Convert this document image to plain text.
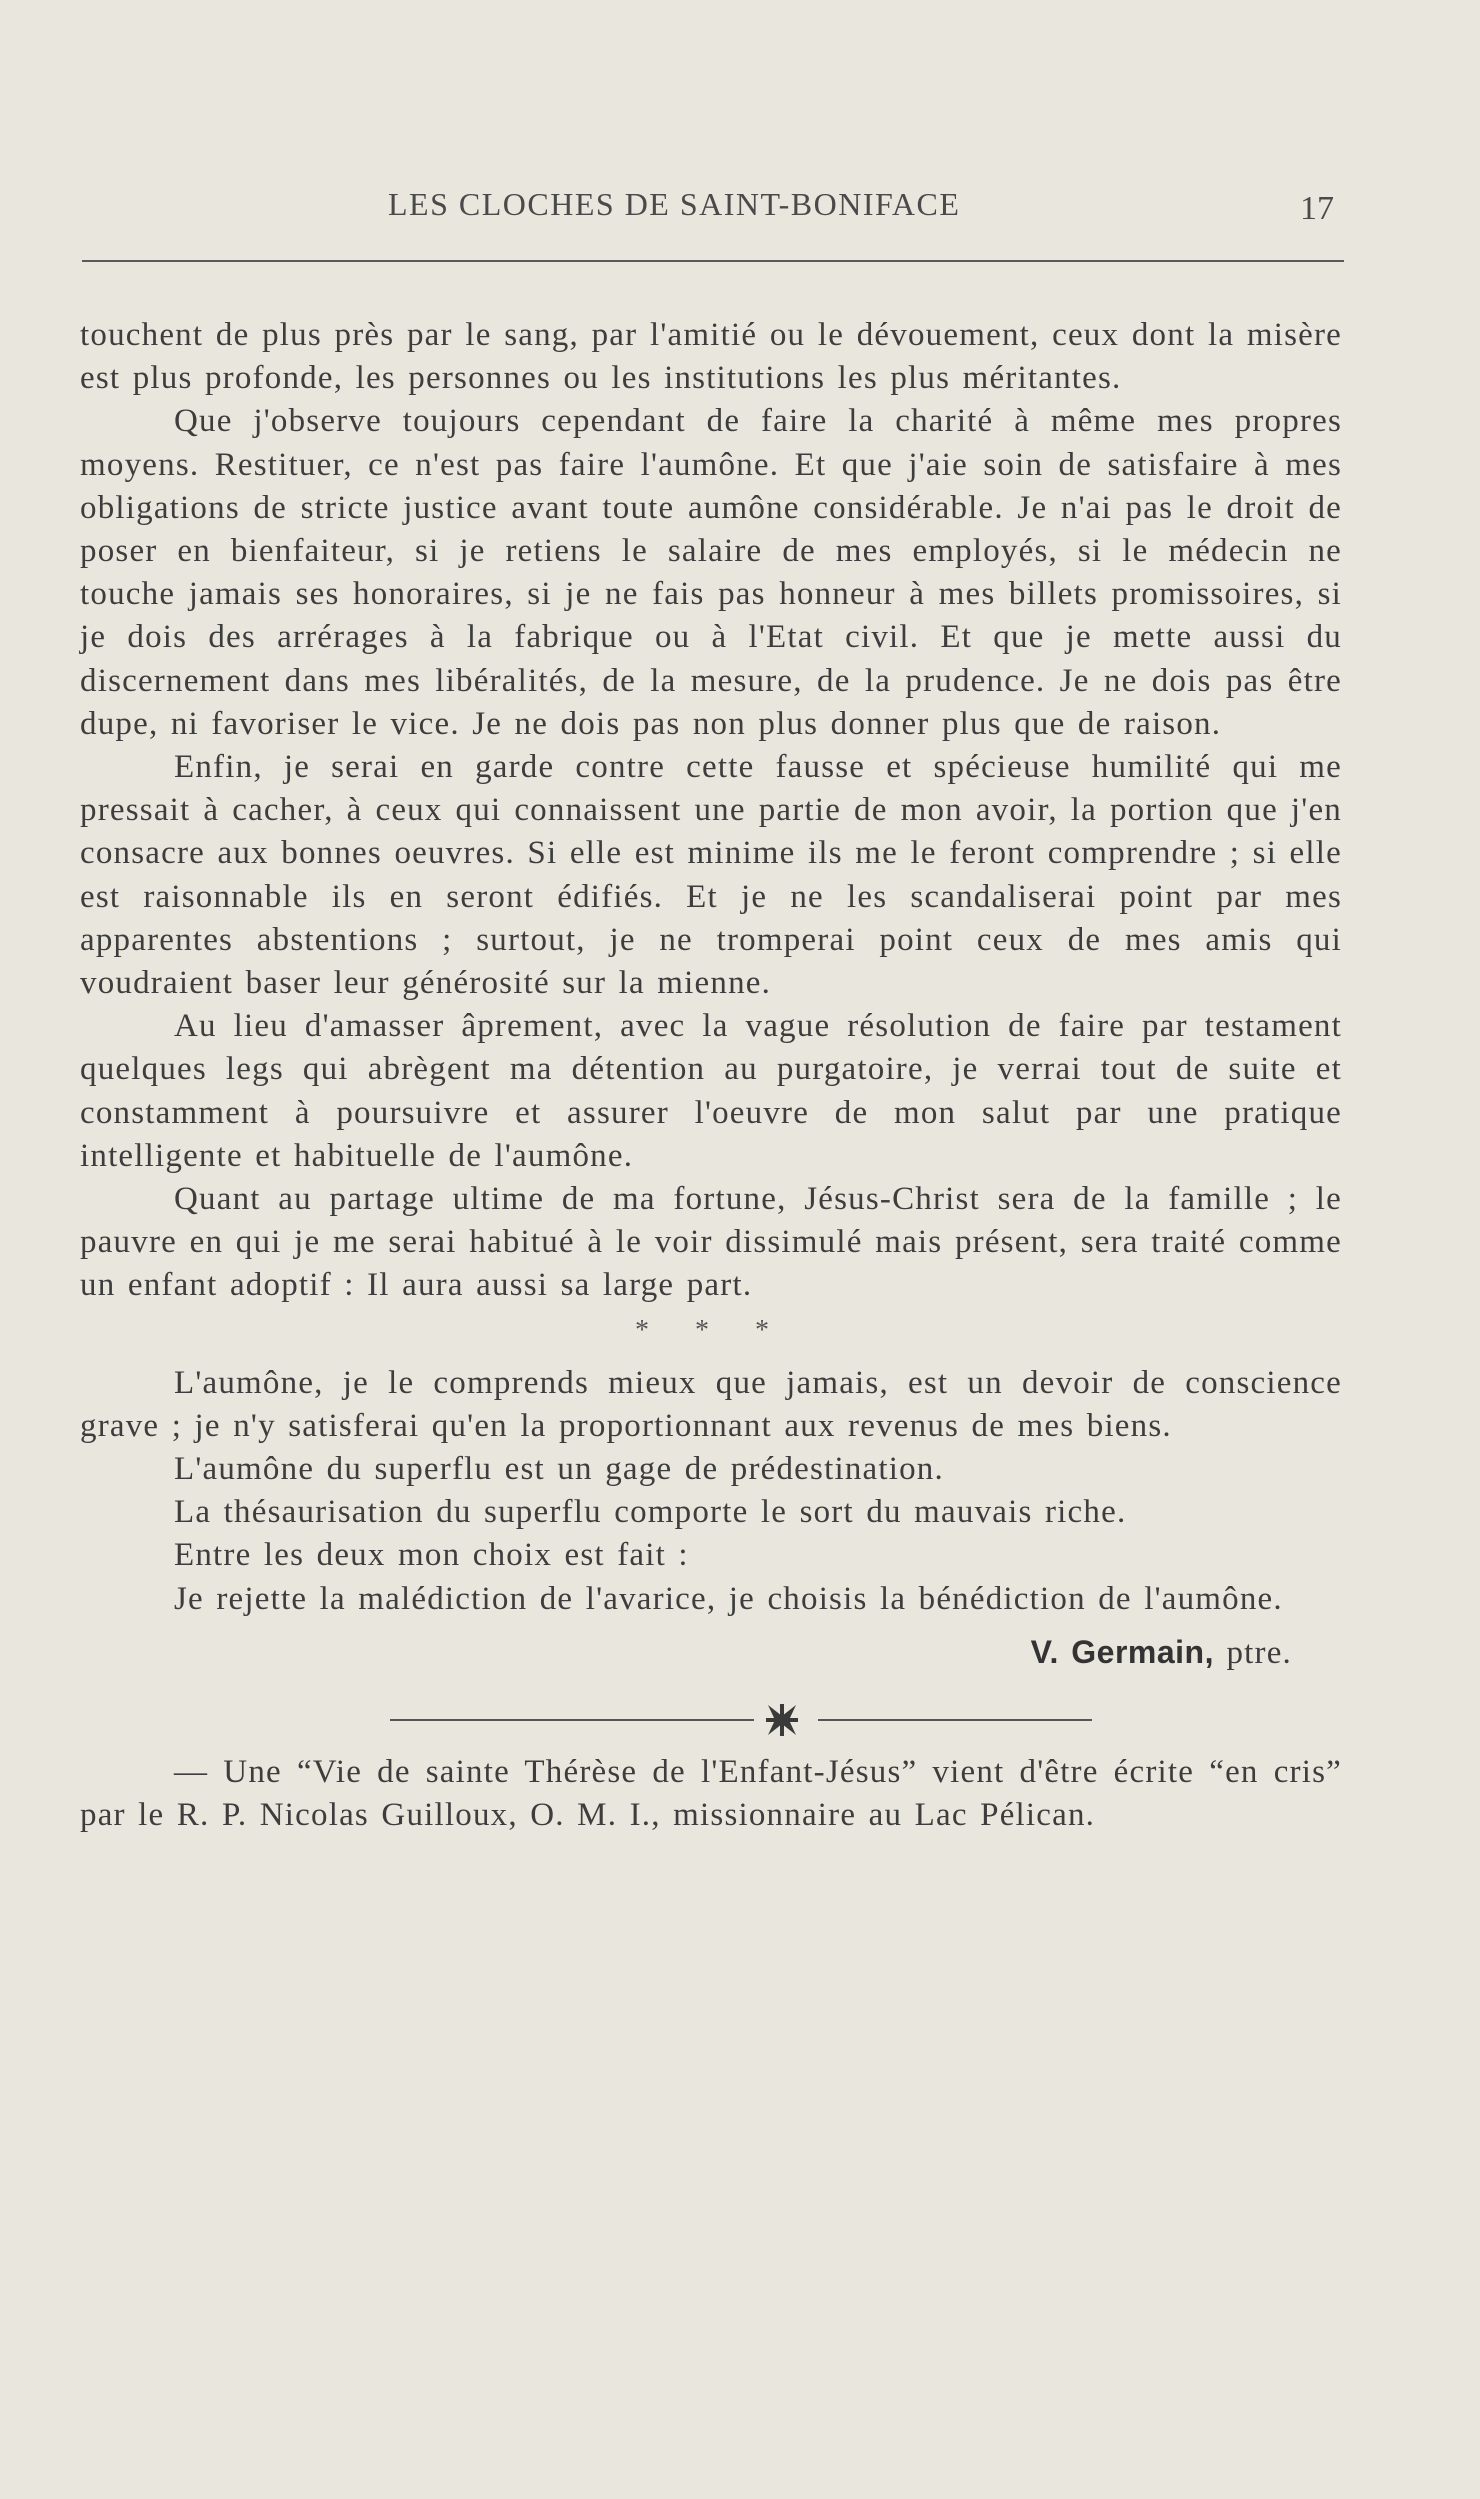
LES CLOCHES DE SAINT-BONIFACE	17

touchent de plus près par le sang, par l'amitié ou le dévouement, ceux dont la misère est plus profonde, les personnes ou les institutions les plus méritantes.

Que j'observe toujours cependant de faire la charité à même mes propres moyens. Restituer, ce n'est pas faire l'aumône. Et que j'aie soin de satisfaire à mes obligations de stricte justice avant toute aumône considérable. Je n'ai pas le droit de poser en bienfaiteur, si je retiens le salaire de mes employés, si le médecin ne touche jamais ses honoraires, si je ne fais pas honneur à mes billets promissoires, si je dois des arrérages à la fabrique ou à l'Etat civil. Et que je mette aussi du discernement dans mes libéralités, de la mesure, de la prudence. Je ne dois pas être dupe, ni favoriser le vice. Je ne dois pas non plus donner plus que de raison.

Enfin, je serai en garde contre cette fausse et spécieuse humilité qui me pressait à cacher, à ceux qui connaissent une partie de mon avoir, la portion que j'en consacre aux bonnes oeuvres. Si elle est minime ils me le feront comprendre ; si elle est raisonnable ils en seront édifiés. Et je ne les scandaliserai point par mes apparentes abstentions ; surtout, je ne tromperai point ceux de mes amis qui voudraient baser leur générosité sur la mienne.

Au lieu d'amasser âprement, avec la vague résolution de faire par testament quelques legs qui abrègent ma détention au purgatoire, je verrai tout de suite et constamment à poursuivre et assurer l'oeuvre de mon salut par une pratique intelligente et habituelle de l'aumône.

Quant au partage ultime de ma fortune, Jésus-Christ sera de la famille ; le pauvre en qui je me serai habitué à le voir dissimulé mais présent, sera traité comme un enfant adoptif : Il aura aussi sa large part.

* * *

L'aumône, je le comprends mieux que jamais, est un devoir de conscience grave ; je n'y satisferai qu'en la proportionnant aux revenus de mes biens.

L'aumône du superflu est un gage de prédestination.

La thésaurisation du superflu comporte le sort du mauvais riche.

Entre les deux mon choix est fait :

Je rejette la malédiction de l'avarice, je choisis la bénédiction de l'aumône.

V. Germain, ptre.

— Une “Vie de sainte Thérèse de l'Enfant-Jésus” vient d'être écrite “en cris” par le R. P. Nicolas Guilloux, O. M. I., missionnaire au Lac Pélican.
